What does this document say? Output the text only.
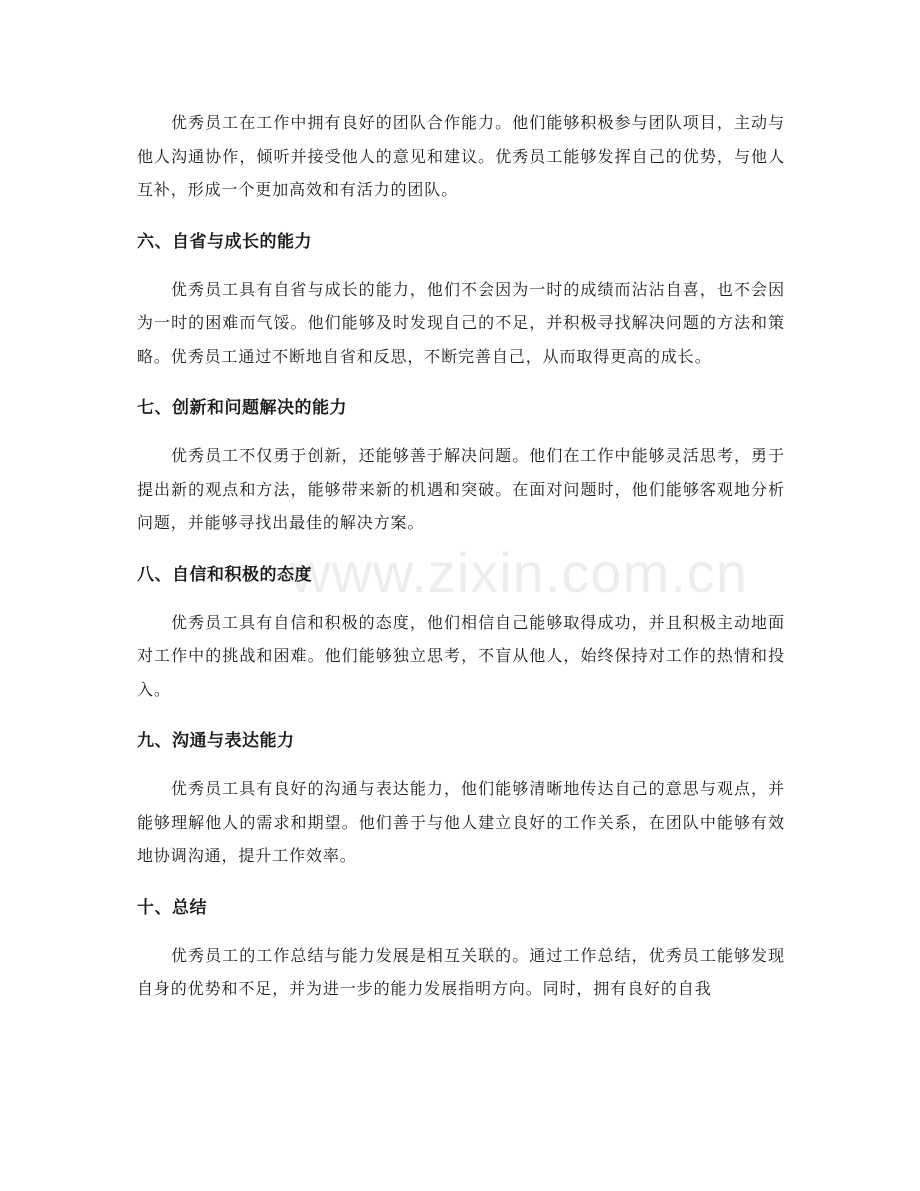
优秀员工在工作中拥有良好的团队合作能力。他们能够积极参与团队项目，主动与他人沟通协作，倾听并接受他人的意见和建议。优秀员工能够发挥自己的优势，与他人互补，形成一个更加高效和有活力的团队。

六、自省与成长的能力

优秀员工具有自省与成长的能力，他们不会因为一时的成绩而沾沾自喜，也不会因为一时的困难而气馁。他们能够及时发现自己的不足，并积极寻找解决问题的方法和策略。优秀员工通过不断地自省和反思，不断完善自己，从而取得更高的成长。

七、创新和问题解决的能力

优秀员工不仅勇于创新，还能够善于解决问题。他们在工作中能够灵活思考，勇于提出新的观点和方法，能够带来新的机遇和突破。在面对问题时，他们能够客观地分析问题，并能够寻找出最佳的解决方案。

八、自信和积极的态度

优秀员工具有自信和积极的态度，他们相信自己能够取得成功，并且积极主动地面对工作中的挑战和困难。他们能够独立思考，不盲从他人，始终保持对工作的热情和投入。

九、沟通与表达能力

优秀员工具有良好的沟通与表达能力，他们能够清晰地传达自己的意思与观点，并能够理解他人的需求和期望。他们善于与他人建立良好的工作关系，在团队中能够有效地协调沟通，提升工作效率。

十、总结

优秀员工的工作总结与能力发展是相互关联的。通过工作总结，优秀员工能够发现自身的优势和不足，并为进一步的能力发展指明方向。同时，拥有良好的自我

www.zixin.com.cn
